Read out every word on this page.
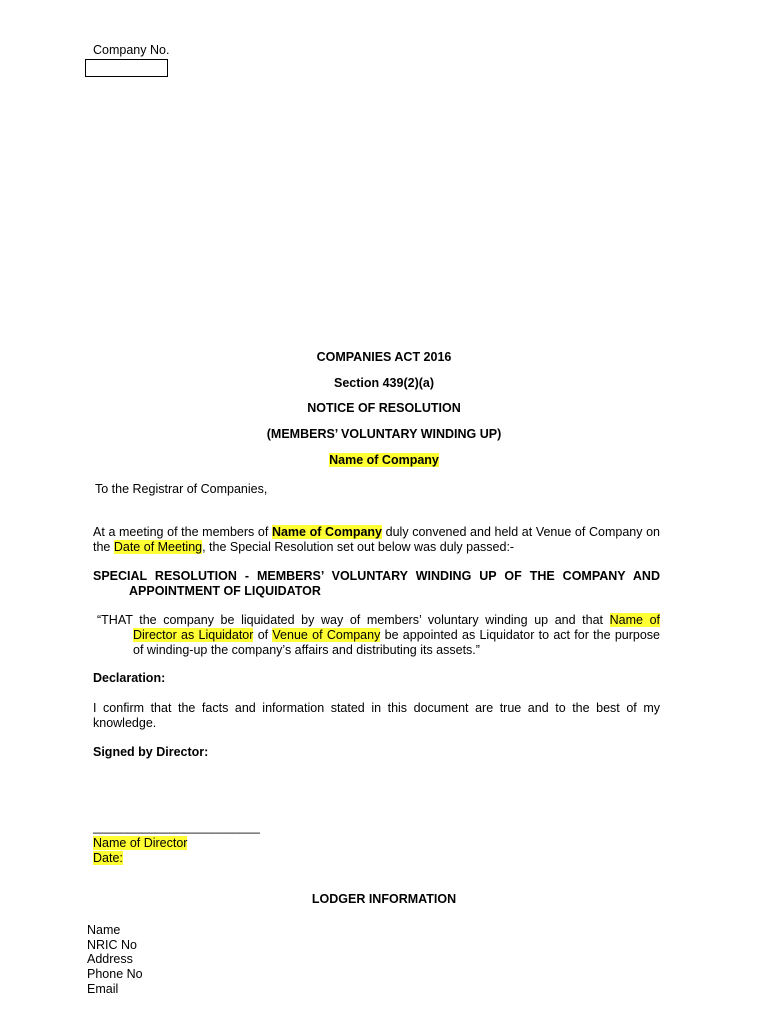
Company No.
COMPANIES ACT 2016
Section 439(2)(a)
NOTICE OF RESOLUTION
(MEMBERS’ VOLUNTARY WINDING UP)
Name of Company
To the Registrar of Companies,
At a meeting of the members of Name of Company duly convened and held at Venue of Company on the Date of Meeting, the Special Resolution set out below was duly passed:-
SPECIAL RESOLUTION - MEMBERS’ VOLUNTARY WINDING UP OF THE COMPANY AND APPOINTMENT OF LIQUIDATOR
“THAT the company be liquidated by way of members’ voluntary winding up and that Name of Director as Liquidator of Venue of Company be appointed as Liquidator to act for the purpose of winding-up the company’s affairs and distributing its assets.”
Declaration:
I confirm that the facts and information stated in this document are true and to the best of my knowledge.
Signed by Director:
________________________
Name of Director
Date:
LODGER INFORMATION
Name
NRIC No
Address
Phone No
Email
